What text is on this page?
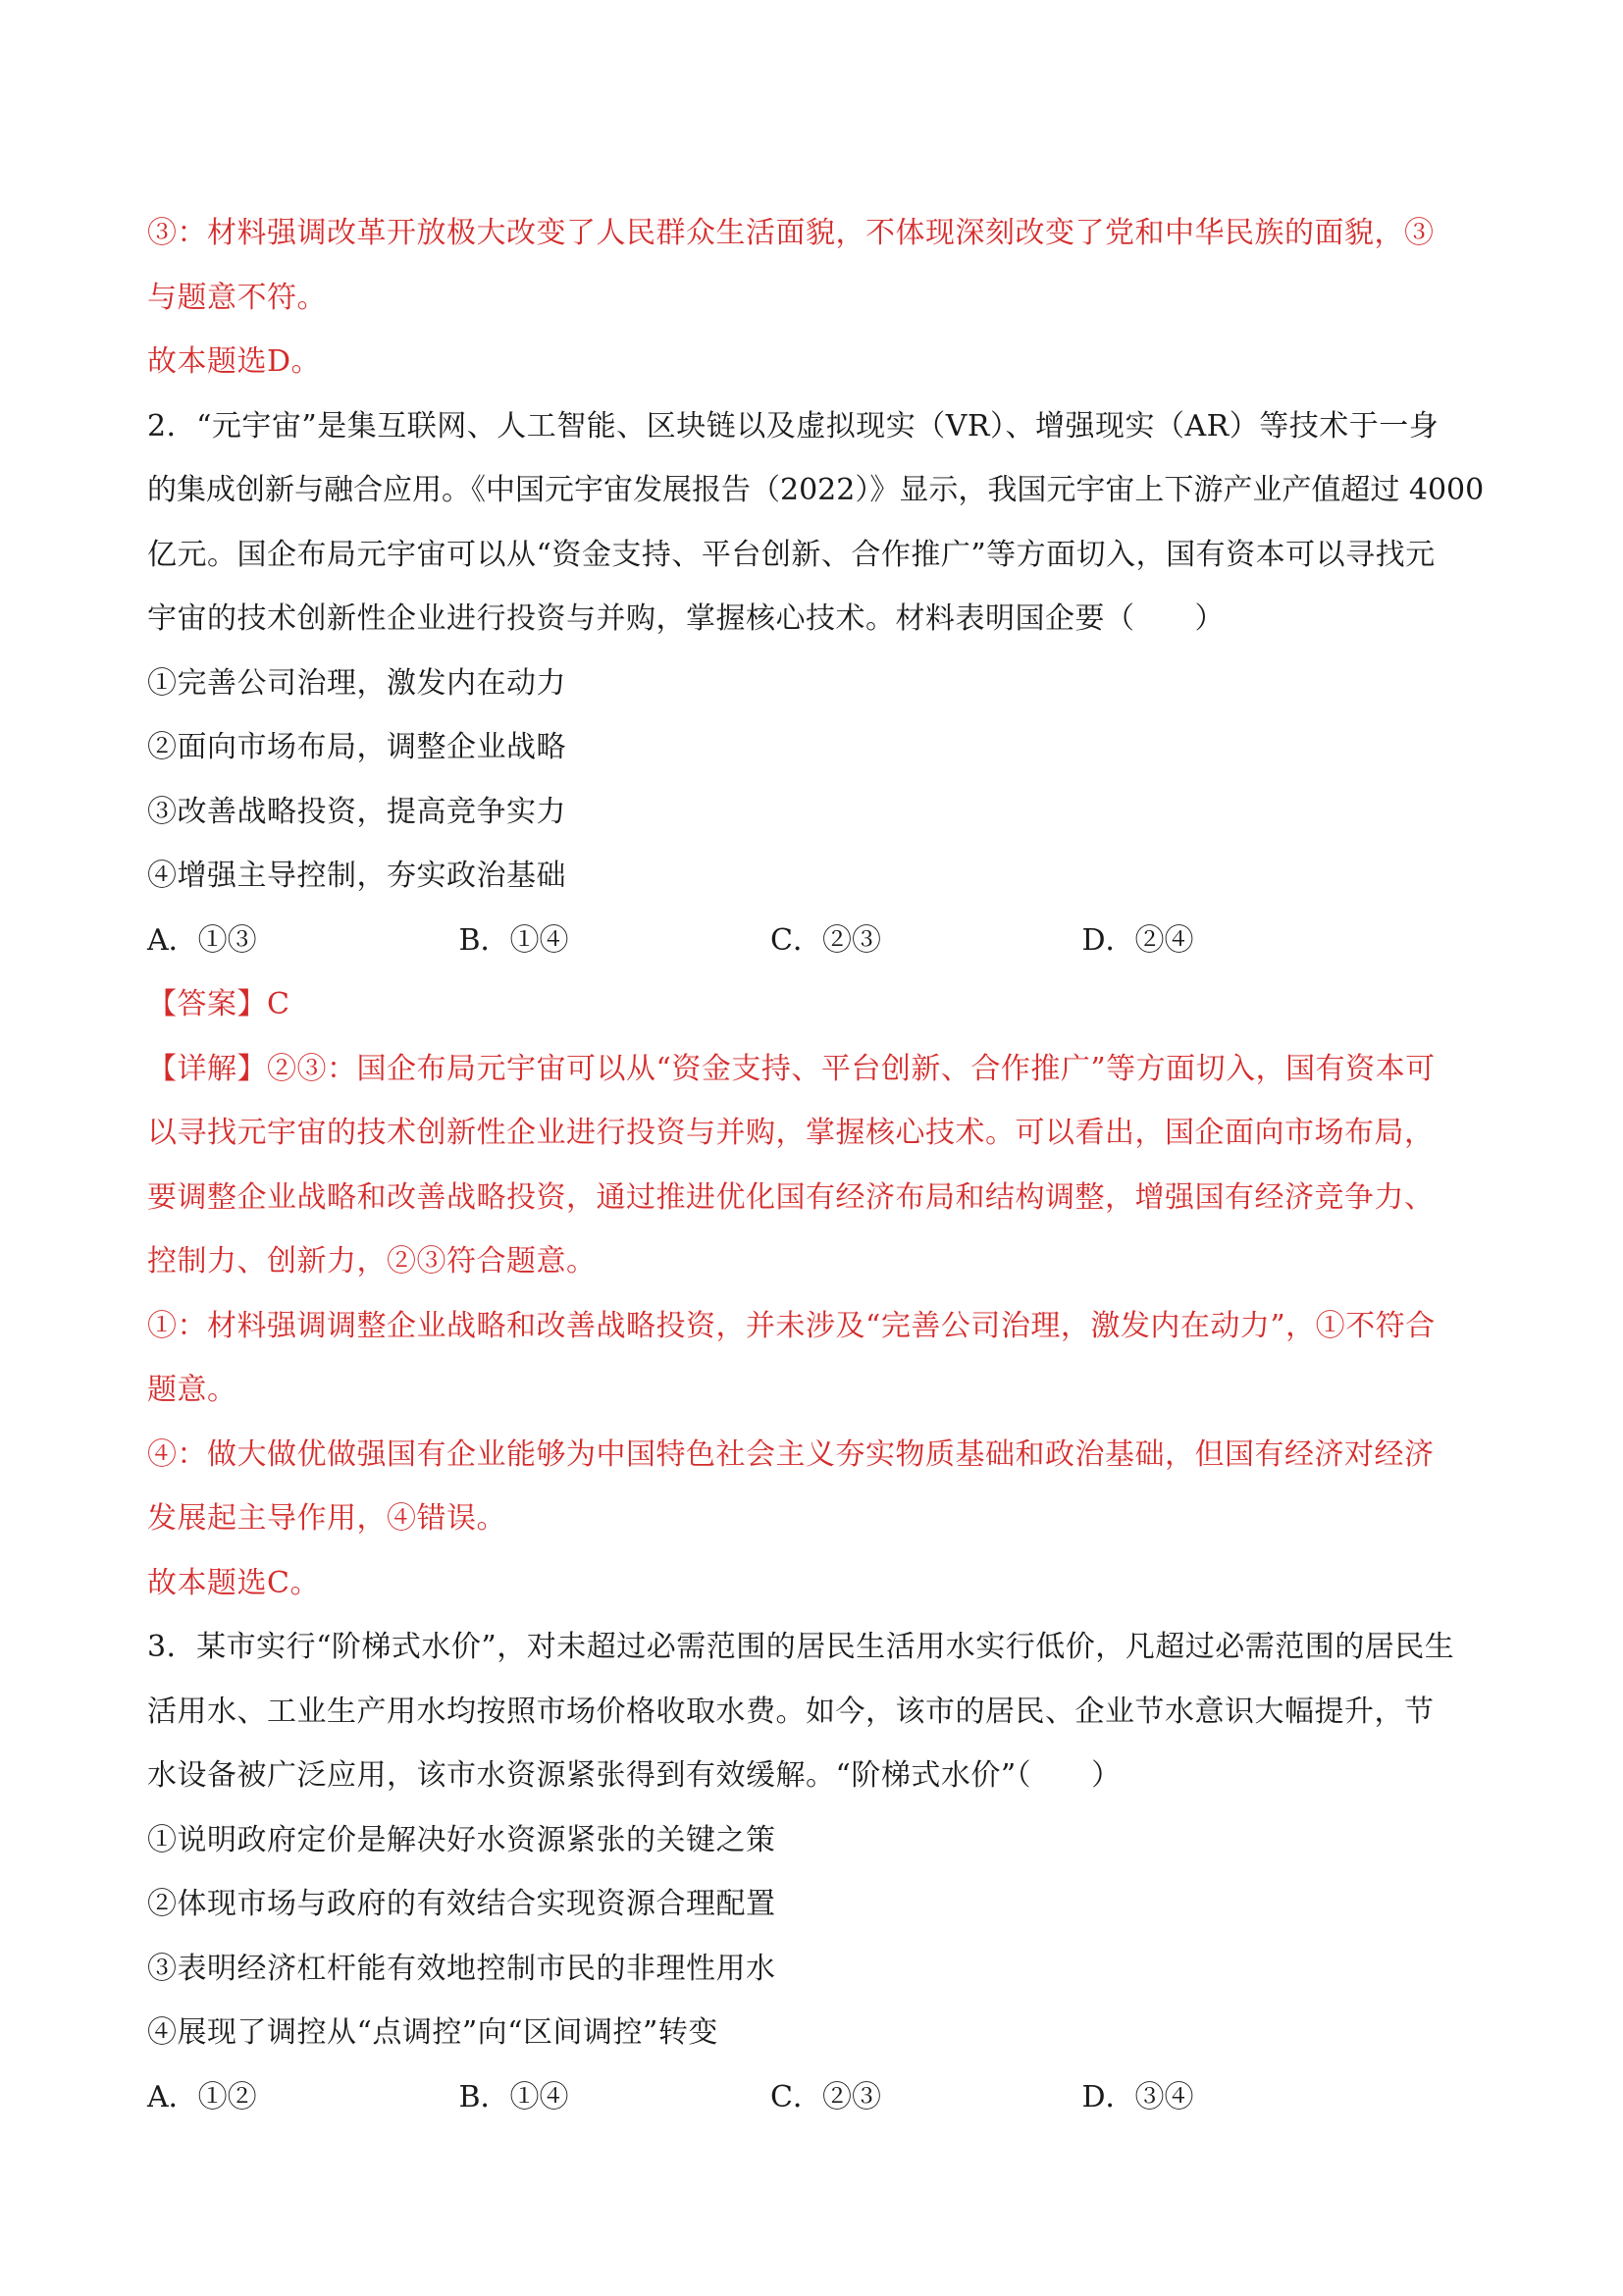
③：材料强调改革开放极大改变了人民群众生活面貌，不体现深刻改变了党和中华民族的面貌，③
与题意不符。
故本题选D。
2．“元宇宙”是集互联网、人工智能、区块链以及虚拟现实（VR）、增强现实（AR）等技术于一身
的集成创新与融合应用。《中国元宇宙发展报告（2022）》显示，我国元宇宙上下游产业产值超过 4000
亿元。国企布局元宇宙可以从“资金支持、平台创新、合作推广”等方面切入，国有资本可以寻找元
宇宙的技术创新性企业进行投资与并购，掌握核心技术。材料表明国企要（　　）
①完善公司治理，激发内在动力
②面向市场布局，调整企业战略
③改善战略投资，提高竞争实力
④增强主导控制，夯实政治基础
A．①③	B．①④	C．②③	D．②④
【答案】C
【详解】②③：国企布局元宇宙可以从“资金支持、平台创新、合作推广”等方面切入，国有资本可
以寻找元宇宙的技术创新性企业进行投资与并购，掌握核心技术。可以看出，国企面向市场布局，
要调整企业战略和改善战略投资，通过推进优化国有经济布局和结构调整，增强国有经济竞争力、
控制力、创新力，②③符合题意。
①：材料强调调整企业战略和改善战略投资，并未涉及“完善公司治理，激发内在动力”，①不符合
题意。
④：做大做优做强国有企业能够为中国特色社会主义夯实物质基础和政治基础，但国有经济对经济
发展起主导作用，④错误。
故本题选C。
3．某市实行“阶梯式水价”，对未超过必需范围的居民生活用水实行低价，凡超过必需范围的居民生
活用水、工业生产用水均按照市场价格收取水费。如今，该市的居民、企业节水意识大幅提升，节
水设备被广泛应用，该市水资源紧张得到有效缓解。“阶梯式水价”（　　）
①说明政府定价是解决好水资源紧张的关键之策
②体现市场与政府的有效结合实现资源合理配置
③表明经济杠杆能有效地控制市民的非理性用水
④展现了调控从“点调控”向“区间调控”转变
A．①②	B．①④	C．②③	D．③④
